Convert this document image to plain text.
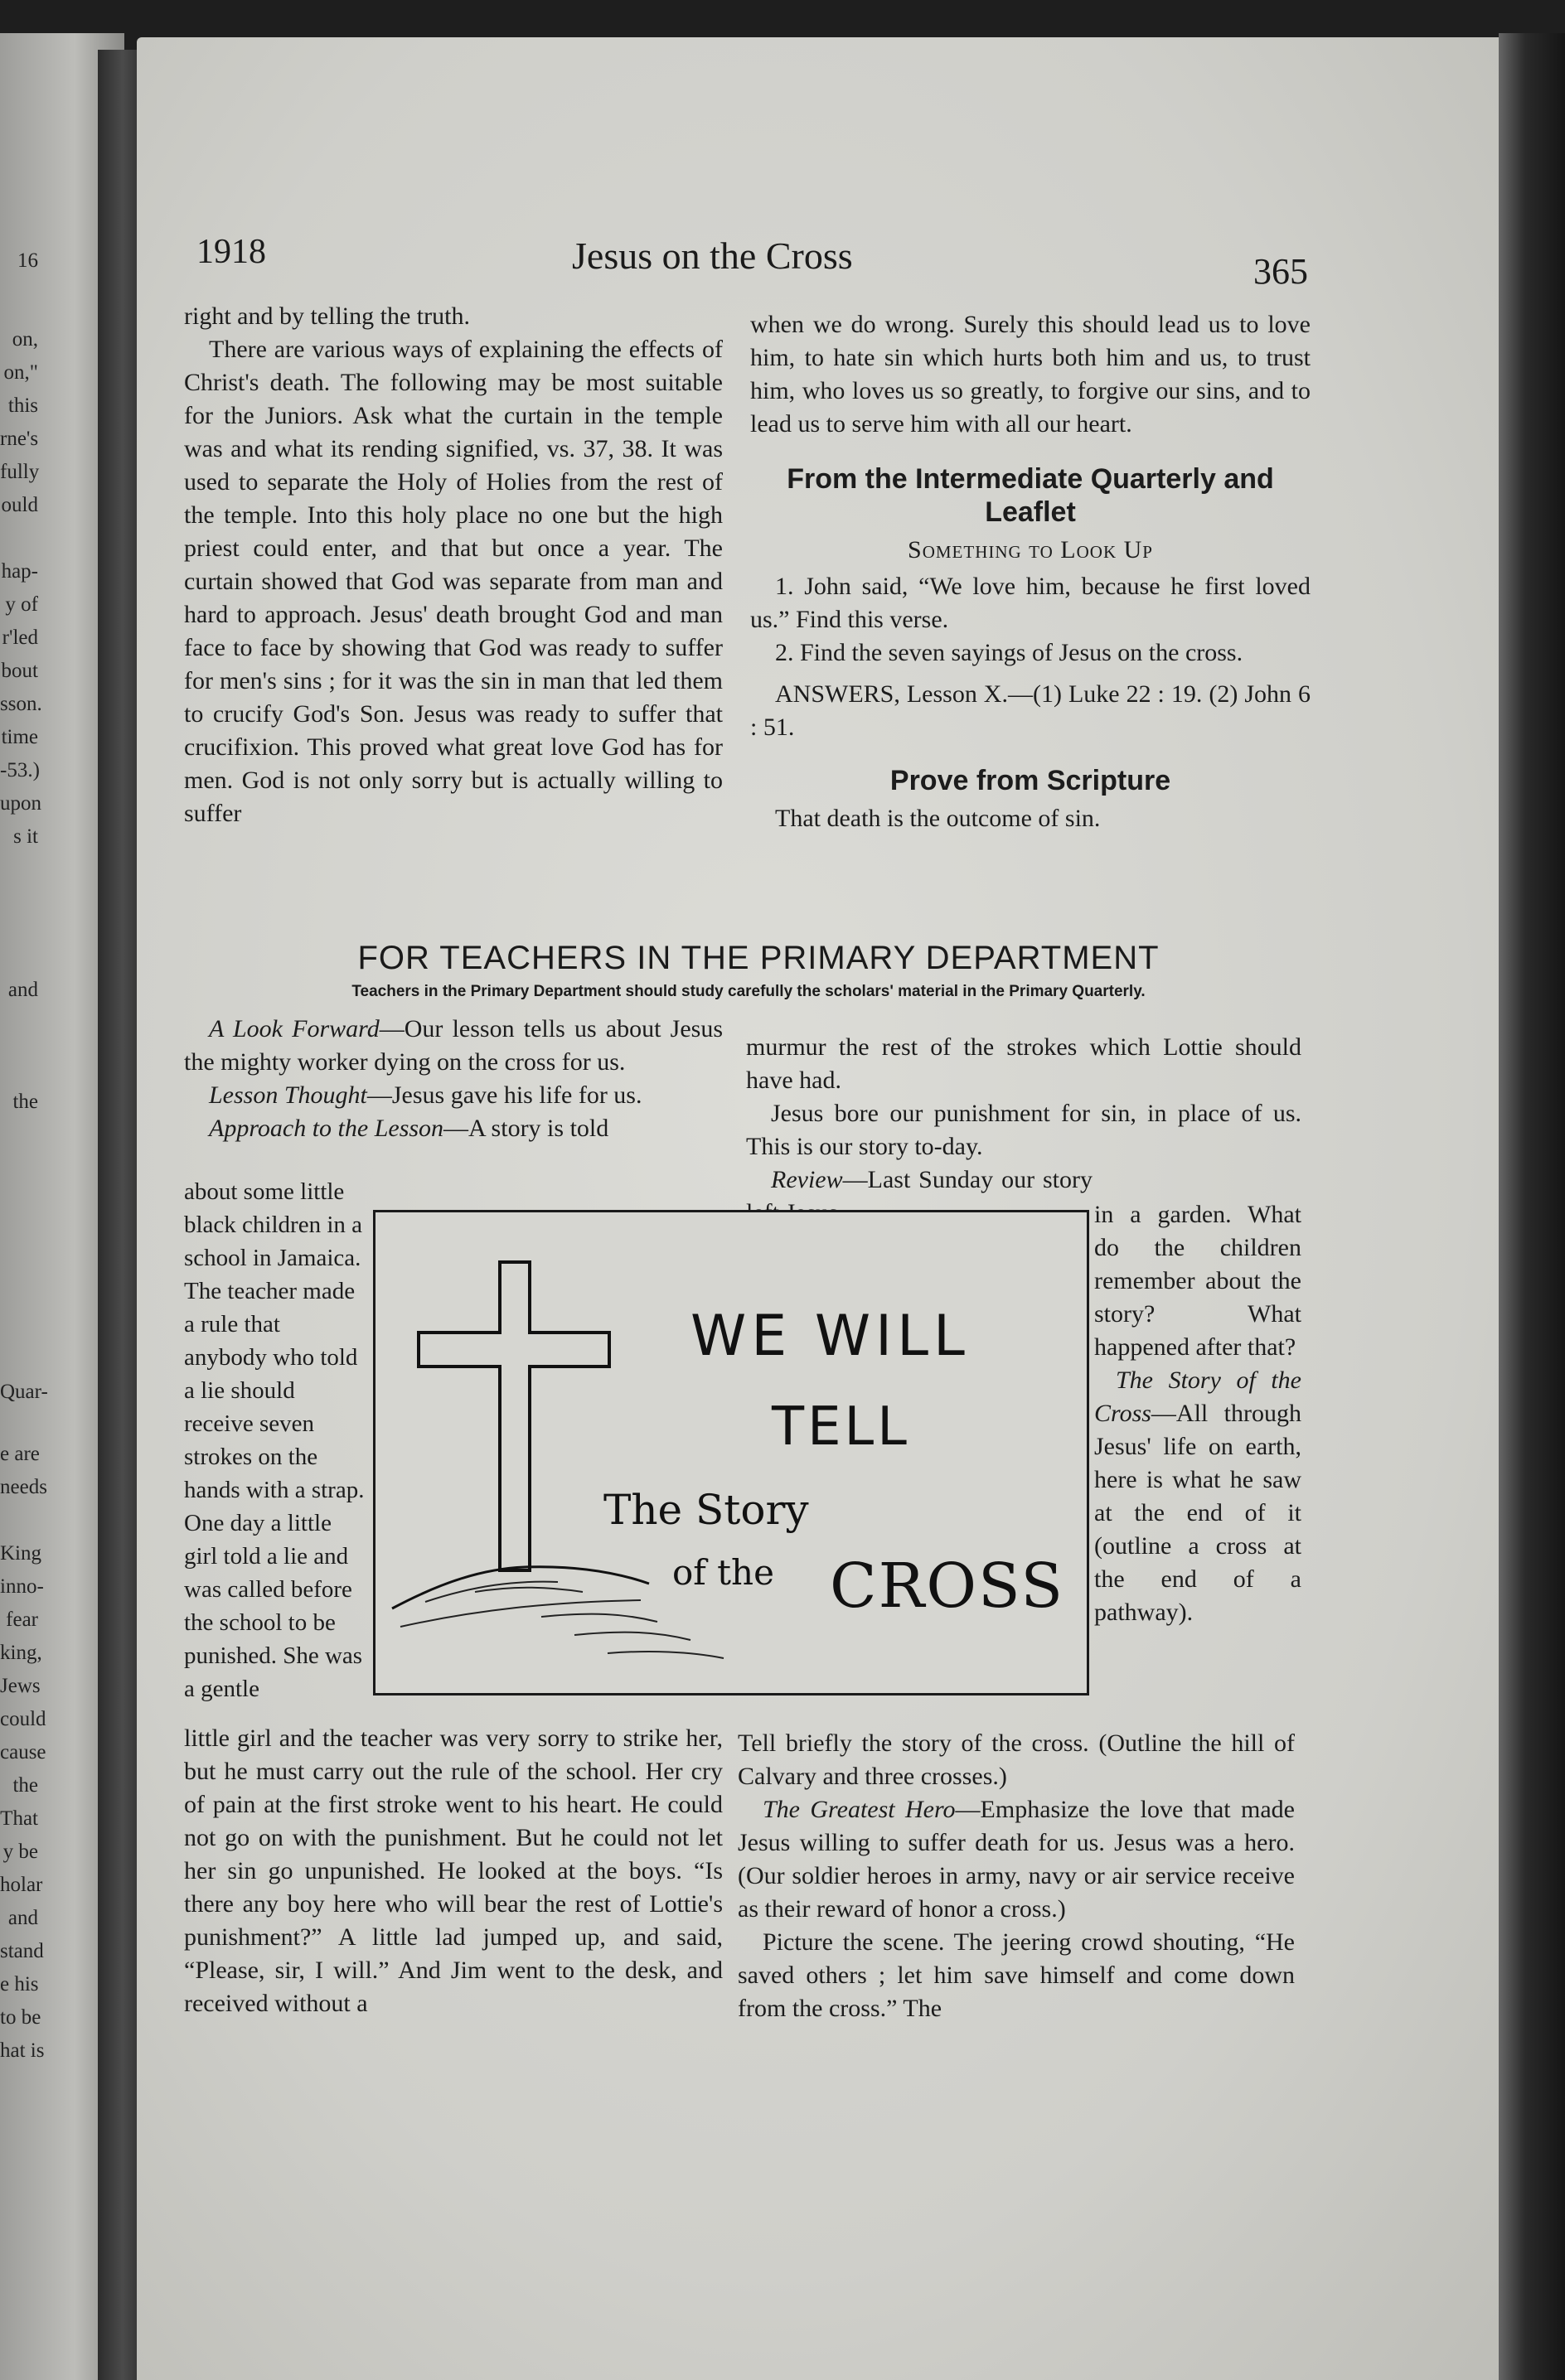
16
on,
on,"
this
rne's
fully
ould
hap-
y of
r'led
bout
sson.
time
-53.)
upon
s it
and
the
Quar-
e are
needs
King
inno-
fear
king,
Jews
could
cause
the
That
y be
holar
and
stand
e his
to be
hat is
1918	Jesus on the Cross	365

right and by telling the truth.

There are various ways of explaining the effects of Christ's death. The following may be most suitable for the Juniors. Ask what the curtain in the temple was and what its rending signified, vs. 37, 38. It was used to separate the Holy of Holies from the rest of the temple. Into this holy place no one but the high priest could enter, and that but once a year. The curtain showed that God was separate from man and hard to approach. Jesus' death brought God and man face to face by showing that God was ready to suffer for men's sins ; for it was the sin in man that led them to crucify God's Son. Jesus was ready to suffer that crucifixion. This proved what great love God has for men. God is not only sorry but is actually willing to suffer

when we do wrong. Surely this should lead us to love him, to hate sin which hurts both him and us, to trust him, who loves us so greatly, to forgive our sins, and to lead us to serve him with all our heart.

From the Intermediate Quarterly and Leaflet
Something to Look Up

1. John said, “We love him, because he first loved us.” Find this verse.

2. Find the seven sayings of Jesus on the cross.

ANSWERS, Lesson X.—(1) Luke 22 : 19. (2) John 6 : 51.

Prove from Scripture

That death is the outcome of sin.

FOR TEACHERS IN THE PRIMARY DEPARTMENT
Teachers in the Primary Department should study carefully the scholars' material in the Primary Quarterly.

A Look Forward—Our lesson tells us about Jesus the mighty worker dying on the cross for us.

Lesson Thought—Jesus gave his life for us.

Approach to the Lesson—A story is told

about some little black children in a school in Jamaica. The teacher made a rule that anybody who told a lie should receive seven strokes on the hands with a strap. One day a little girl told a lie and was called before the school to be punished. She was a gentle

little girl and the teacher was very sorry to strike her, but he must carry out the rule of the school. Her cry of pain at the first stroke went to his heart. He could not go on with the punishment. But he could not let her sin go unpunished. He looked at the boys. “Is there any boy here who will bear the rest of Lottie's punishment?” A little lad jumped up, and said, “Please, sir, I will.” And Jim went to the desk, and received without a

murmur the rest of the strokes which Lottie should have had.

Jesus bore our punishment for sin, in place of us. This is our story to-day.

Review—Last Sunday our story

in a garden. What do the children remember about the story? What happened after that?

The Story of the Cross—All through Jesus' life on earth, here is what he saw at the end of it (outline a cross at the end of a pathway).

Tell briefly the story of the cross. (Outline the hill of Calvary and three crosses.)

The Greatest Hero—Emphasize the love that made Jesus willing to suffer death for us. Jesus was a hero. (Our soldier heroes in army, navy or air service receive as their reward of honor a cross.)

Picture the scene. The jeering crowd shouting, “He saved others ; let him save himself and come down from the cross.” The

WE WILL
TELL
The Story
of the CROSS
